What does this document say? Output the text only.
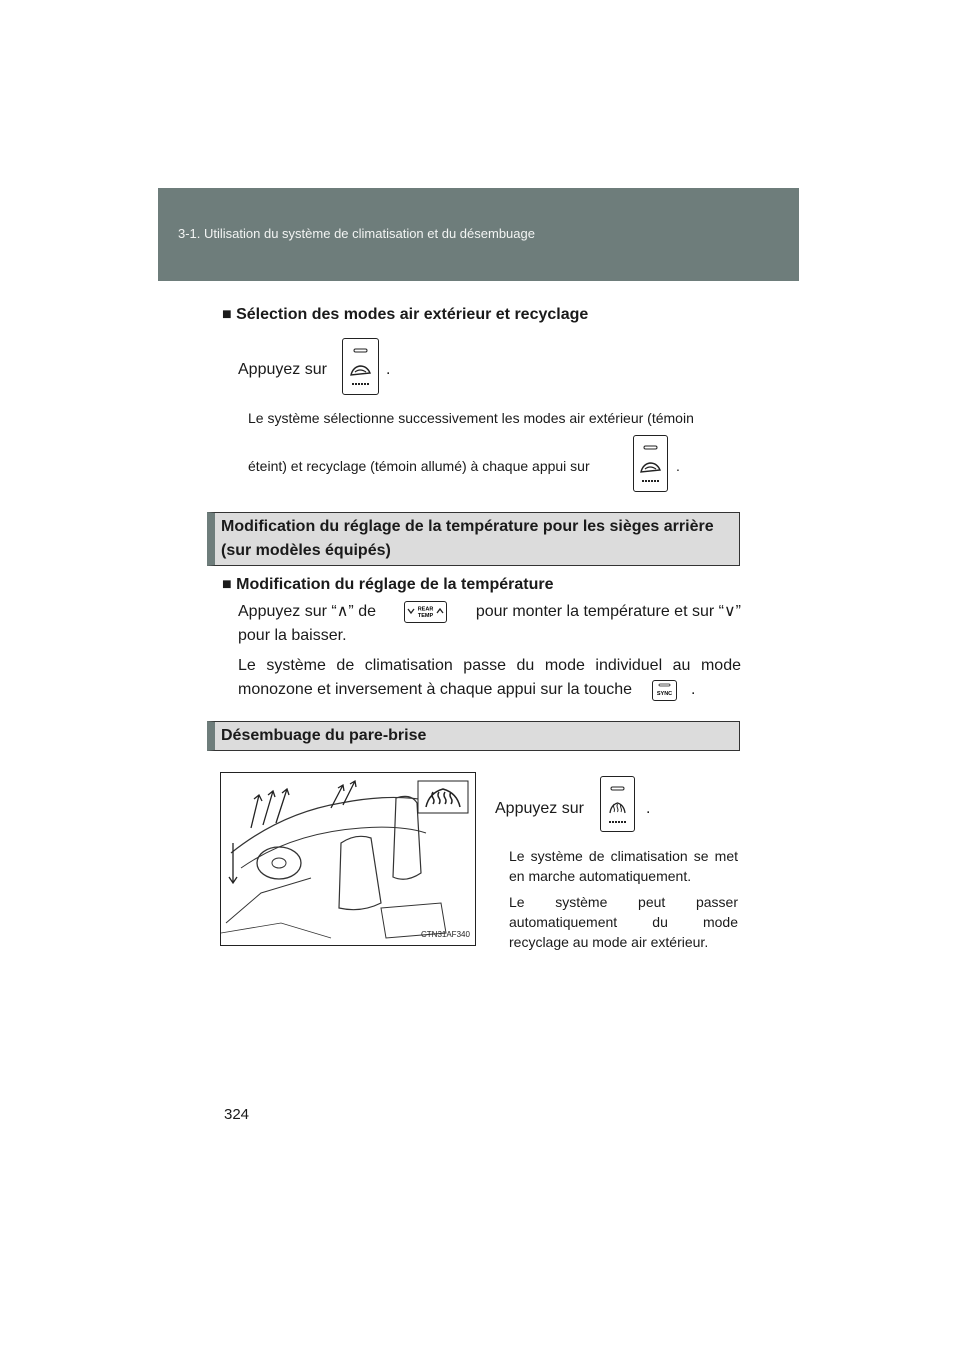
3-1. Utilisation du système de climatisation et du désembuage
■ Sélection des modes air extérieur et recyclage
Appuyez sur	.
Le système sélectionne successivement les modes air extérieur (témoin
éteint) et recyclage (témoin allumé) à chaque appui sur	.
Modification du réglage de la température pour les sièges arrière (sur modèles équipés)
■ Modification du réglage de la température
Appuyez sur “∧” de	REAR
TEMP	pour monter la température et sur “∨”
pour la baisser.
Le système de climatisation passe du mode individuel au mode
monozone et inversement à chaque appui sur la touche	SYNC .
Désembuage du pare-brise
CTN31AF340
Appuyez sur	.
Le système de climatisation se met en marche automatiquement.
Le système peut passer automatiquement du mode recyclage au mode air extérieur.
324
